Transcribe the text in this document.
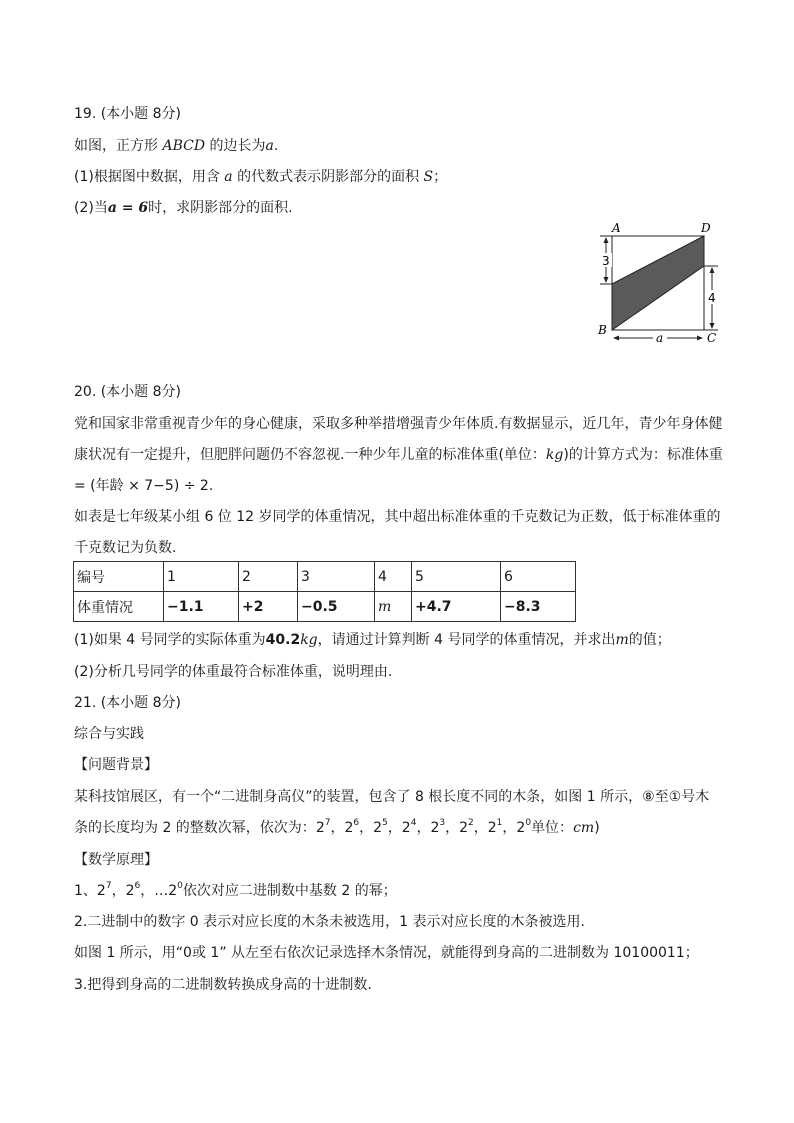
19. (本小题 8分)
如图，正方形 ABCD 的边长为a.
(1)根据图中数据，用含 a 的代数式表示阴影部分的面积 S；
(2)当a = 6时，求阴影部分的面积.
A	D
B
C
3
4
a
20. (本小题 8分)
党和国家非常重视青少年的身心健康，采取多种举措增强青少年体质.有数据显示，近几年，青少年身体健
康状况有一定提升，但肥胖问题仍不容忽视.一种少年儿童的标准体重(单位：kg)的计算方式为：标准体重
= (年龄 × 7−5) ÷ 2.
如表是七年级某小组 6 位 12 岁同学的体重情况，其中超出标准体重的千克数记为正数，低于标准体重的
千克数记为负数.
编号	1	2	3	4	5	6
体重情况	−1.1	+2	−0.5	m	+4.7	−8.3
(1)如果 4 号同学的实际体重为40.2kg，请通过计算判断 4 号同学的体重情况，并求出m的值；
(2)分析几号同学的体重最符合标准体重，说明理由.
21. (本小题 8分)
综合与实践
【问题背景】
某科技馆展区，有一个“二进制身高仪”的装置，包含了 8 根长度不同的木条，如图 1 所示，⑧至①号木
条的长度均为 2 的整数次幂，依次为：$2^7$，$2^6$，$2^5$，$2^4$，$2^3$，$2^2$，$2^1$，$2^0$单位：cm)
【数学原理】
1、$2^7$，$2^6$，$\dots 2^0$依次对应二进制数中基数 2 的幂；
2.二进制中的数字 0 表示对应长度的木条未被选用，1 表示对应长度的木条被选用.
如图 1 所示，用“0或 1” 从左至右依次记录选择木条情况，就能得到身高的二进制数为 10100011；
3.把得到身高的二进制数转换成身高的十进制数.
